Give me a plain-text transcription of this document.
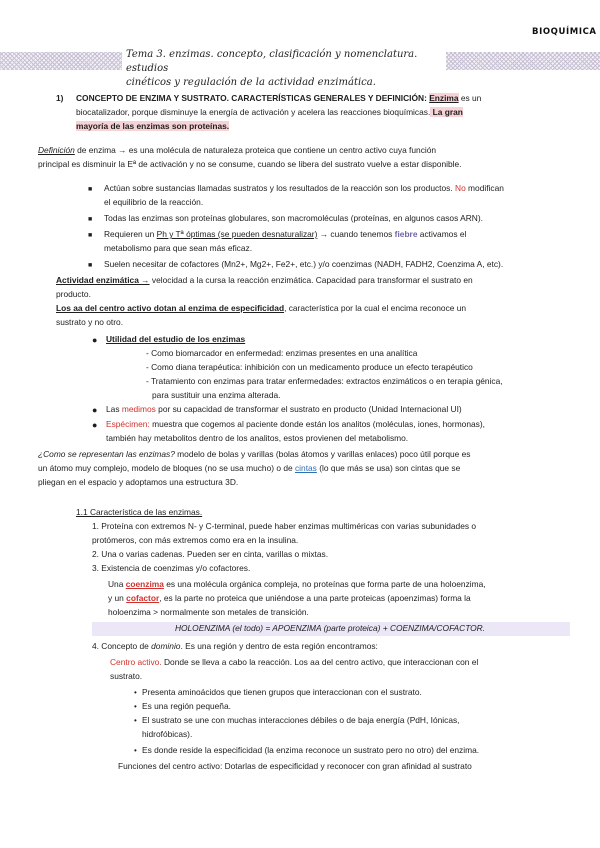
BIOQUÍMICA
Tema 3. enzimas. concepto, clasificación y nomenclatura. estudios
cinéticos y regulación de la actividad enzimática.
1) CONCEPTO DE ENZIMA Y SUSTRATO. CARACTERÍSTICAS GENERALES Y DEFINICIÓN: Enzima es un
biocatalizador, porque disminuye la energía de activación y acelera las reacciones bioquímicas. La gran
mayoría de las enzimas son proteínas.
Definición de enzima → es una molécula de naturaleza proteica que contiene un centro activo cuya función
principal es disminuir la Eª de activación y no se consume, cuando se libera del sustrato vuelve a estar disponible.
■ Actúan sobre sustancias llamadas sustratos y los resultados de la reacción son los productos. No modifican
el equilibrio de la reacción.
■ Todas las enzimas son proteínas globulares, son macromoléculas (proteínas, en algunos casos ARN).
■ Requieren un Ph y Tª óptimas (se pueden desnaturalizar) → cuando tenemos fiebre activamos el
metabolismo para que sean más eficaz.
■ Suelen necesitar de cofactores (Mn2+, Mg2+, Fe2+, etc.) y/o coenzimas (NADH, FADH2, Coenzima A, etc).
Actividad enzimática → velocidad a la cursa la reacción enzimática. Capacidad para transformar el sustrato en
producto.
Los aa del centro activo dotan al enzima de especificidad, característica por la cual el encima reconoce un
sustrato y no otro.
● Utilidad del estudio de los enzimas
- Como biomarcador en enfermedad: enzimas presentes en una analítica
- Como diana terapéutica: inhibición con un medicamento produce un efecto terapéutico
- Tratamiento con enzimas para tratar enfermedades: extractos enzimáticos o en terapia génica,
para sustituir una enzima alterada.
● Las medimos por su capacidad de transformar el sustrato en producto (Unidad Internacional UI)
● Espécimen: muestra que cogemos al paciente donde están los analitos (moléculas, iones, hormonas),
también hay metabolitos dentro de los analitos, estos provienen del metabolismo.
¿Como se representan las enzimas? modelo de bolas y varillas (bolas átomos y varillas enlaces) poco útil porque es
un átomo muy complejo, modelo de bloques (no se usa mucho) o de cintas (lo que más se usa) son cintas que se
pliegan en el espacio y adoptamos una estructura 3D.
1.1 Característica de las enzimas.
1. Proteína con extremos N- y C-terminal, puede haber enzimas multiméricas con varias subunidades o
protómeros, con más extremos como era en la insulina.
2. Una o varias cadenas. Pueden ser en cinta, varillas o mixtas.
3. Existencia de coenzimas y/o cofactores.
Una coenzima es una molécula orgánica compleja, no proteínas que forma parte de una holoenzima,
y un cofactor, es la parte no proteica que uniéndose a una parte proteicas (apoenzimas) forma la
holoenzima > normalmente son metales de transición.
HOLOENZIMA (el todo) = APOENZIMA (parte proteica) + COENZIMA/COFACTOR.
4. Concepto de dominio. Es una región y dentro de esta región encontramos:
Centro activo. Donde se lleva a cabo la reacción. Los aa del centro activo, que interaccionan con el
sustrato.
• Presenta aminoácidos que tienen grupos que interaccionan con el sustrato.
• Es una región pequeña.
• El sustrato se une con muchas interacciones débiles o de baja energía (PdH, Iónicas,
hidrofóbicas).
• Es donde reside la especificidad (la enzima reconoce un sustrato pero no otro) del enzima.
Funciones del centro activo: Dotarlas de especificidad y reconocer con gran afinidad al sustrato
